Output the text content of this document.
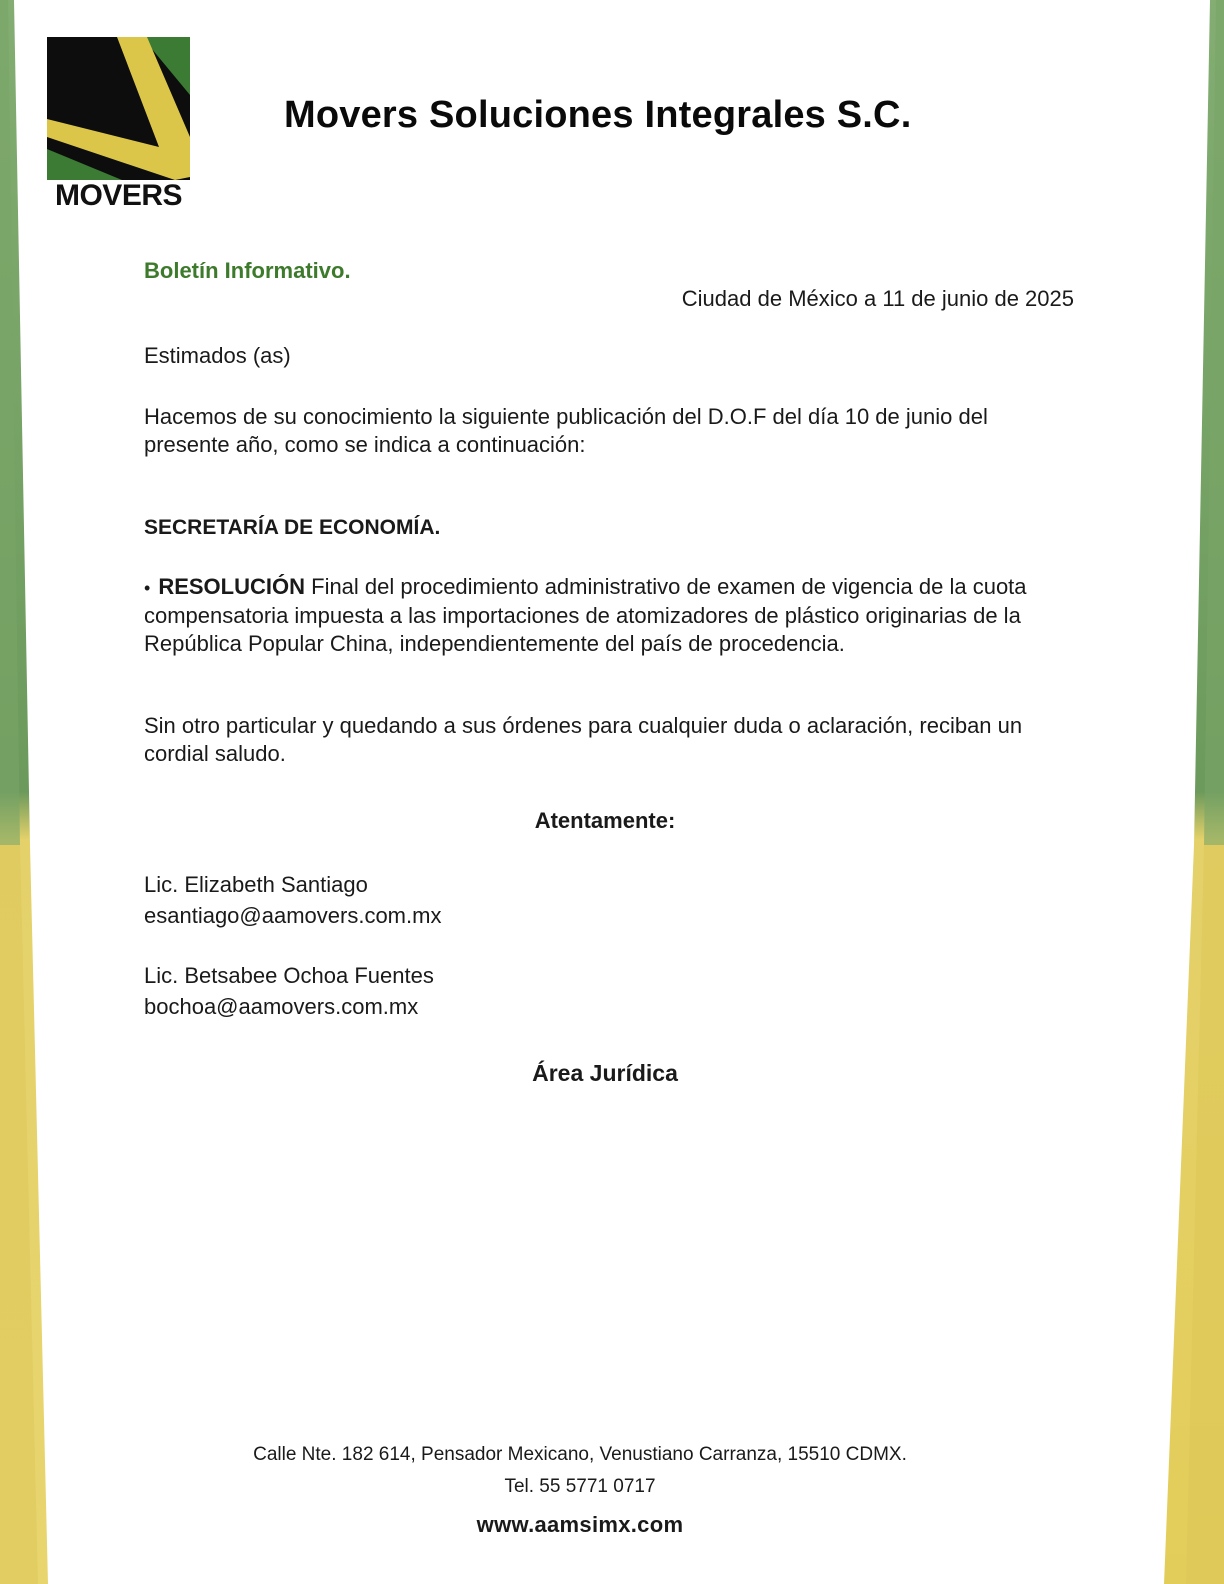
MOVERS
Movers Soluciones Integrales S.C.
Boletín Informativo.
Ciudad de México a 11 de junio de 2025
Estimados (as)
Hacemos de su conocimiento la siguiente publicación del D.O.F del día 10 de junio del presente año, como se indica a continuación:
SECRETARÍA DE ECONOMÍA.
• RESOLUCIÓN Final del procedimiento administrativo de examen de vigencia de la cuota compensatoria impuesta a las importaciones de atomizadores de plástico originarias de la República Popular China, independientemente del país de procedencia.
Sin otro particular y quedando a sus órdenes para cualquier duda o aclaración, reciban un cordial saludo.
Atentamente:
Lic. Elizabeth Santiago
esantiago@aamovers.com.mx
Lic. Betsabee Ochoa Fuentes
bochoa@aamovers.com.mx
Área Jurídica
Calle Nte. 182 614, Pensador Mexicano, Venustiano Carranza, 15510 CDMX.
Tel. 55 5771 0717
www.aamsimx.com
